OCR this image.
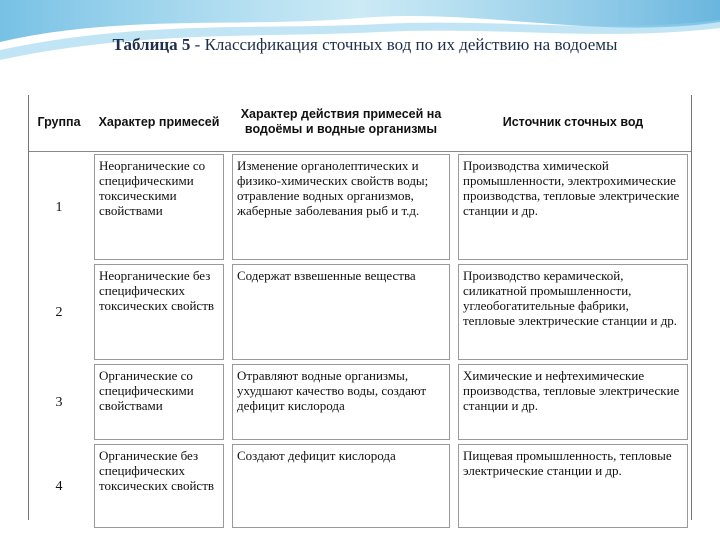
Таблица 5 - Классификация сточных вод по их действию на водоемы
Группа	Характер примесей	Характер действия примесей на водоёмы и водные организмы	Источник сточных вод
1	Неорганические со специфическими токсическими свойствами	Изменение органолептических и физико-химических свойств воды; отравление водных организмов, жаберные заболевания рыб и т.д.	Производства химической промышленности, электрохимические производства, тепловые электрические станции и др.

2	Неорганические без специфических токсических свойств	Содержат взвешенные вещества	Производство керамической, силикатной промышленности, углеобогатительные фабрики, тепловые электрические станции и др.

3	Органические со специфическими свойствами	Отравляют водные организмы, ухудшают качество воды, создают дефицит кислорода	Химические и нефтехимические производства, тепловые электрические станции и др.

4	Органические без специфических токсических свойств	Создают дефицит кислорода	Пищевая промышленность, тепловые электрические станции и др.
